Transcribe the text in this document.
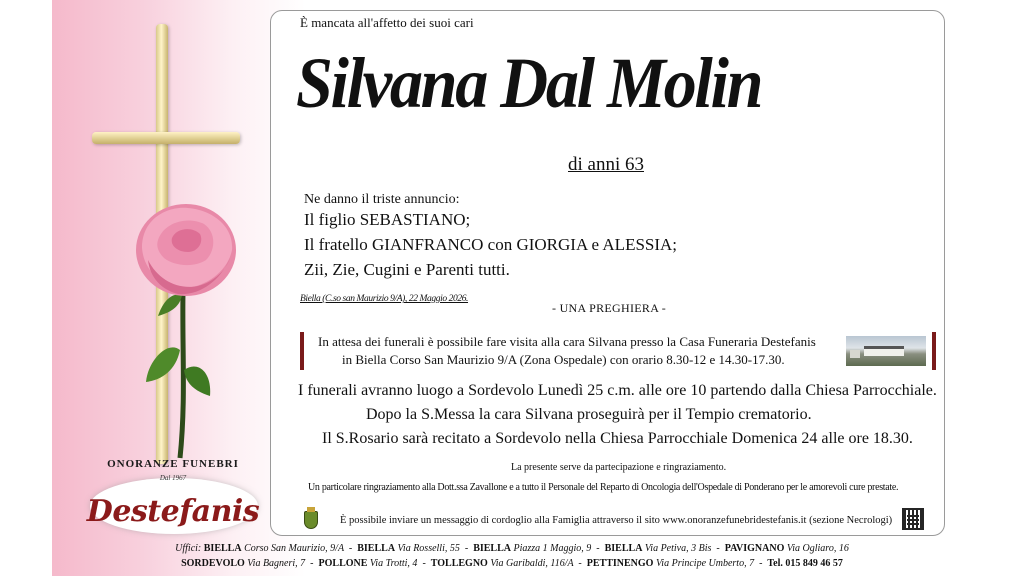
ONORANZE FUNEBRI
Dal 1967
Destefanis
È mancata all'affetto dei suoi cari
Silvana Dal Molin
di anni 63
Ne danno il triste annuncio:
Il figlio SEBASTIANO;
Il fratello GIANFRANCO con GIORGIA e ALESSIA;
Zii, Zie, Cugini e Parenti tutti.
Biella (C.so san Maurizio 9/A), 22 Maggio 2026.
- UNA PREGHIERA -
In attesa dei funerali è possibile fare visita alla cara Silvana presso la Casa Funeraria Destefanis
in Biella Corso San Maurizio 9/A (Zona Ospedale) con orario 8.30-12 e 14.30-17.30.
I funerali avranno luogo a Sordevolo Lunedì 25 c.m. alle ore 10 partendo dalla Chiesa Parrocchiale.
Dopo la S.Messa la cara Silvana proseguirà per il Tempio crematorio.
Il S.Rosario sarà recitato a Sordevolo nella Chiesa Parrocchiale Domenica 24 alle ore 18.30.
La presente serve da partecipazione e ringraziamento.
Un particolare ringraziamento alla Dott.ssa Zavallone e a tutto il Personale del Reparto di Oncologia dell'Ospedale di Ponderano per le amorevoli cure prestate.
È possibile inviare un messaggio di cordoglio alla Famiglia attraverso il sito www.onoranzefunebridestefanis.it (sezione Necrologi)
Uffici: BIELLA Corso San Maurizio, 9/A  -  BIELLA Via Rosselli, 55  -  BIELLA Piazza 1 Maggio, 9  -  BIELLA Via Petiva, 3 Bis  -  PAVIGNANO Via Ogliaro, 16
SORDEVOLO Via Bagneri, 7  -  POLLONE Via Trotti, 4  -  TOLLEGNO Via Garibaldi, 116/A  -  PETTINENGO Via Principe Umberto, 7  -  Tel. 015 849 46 57
